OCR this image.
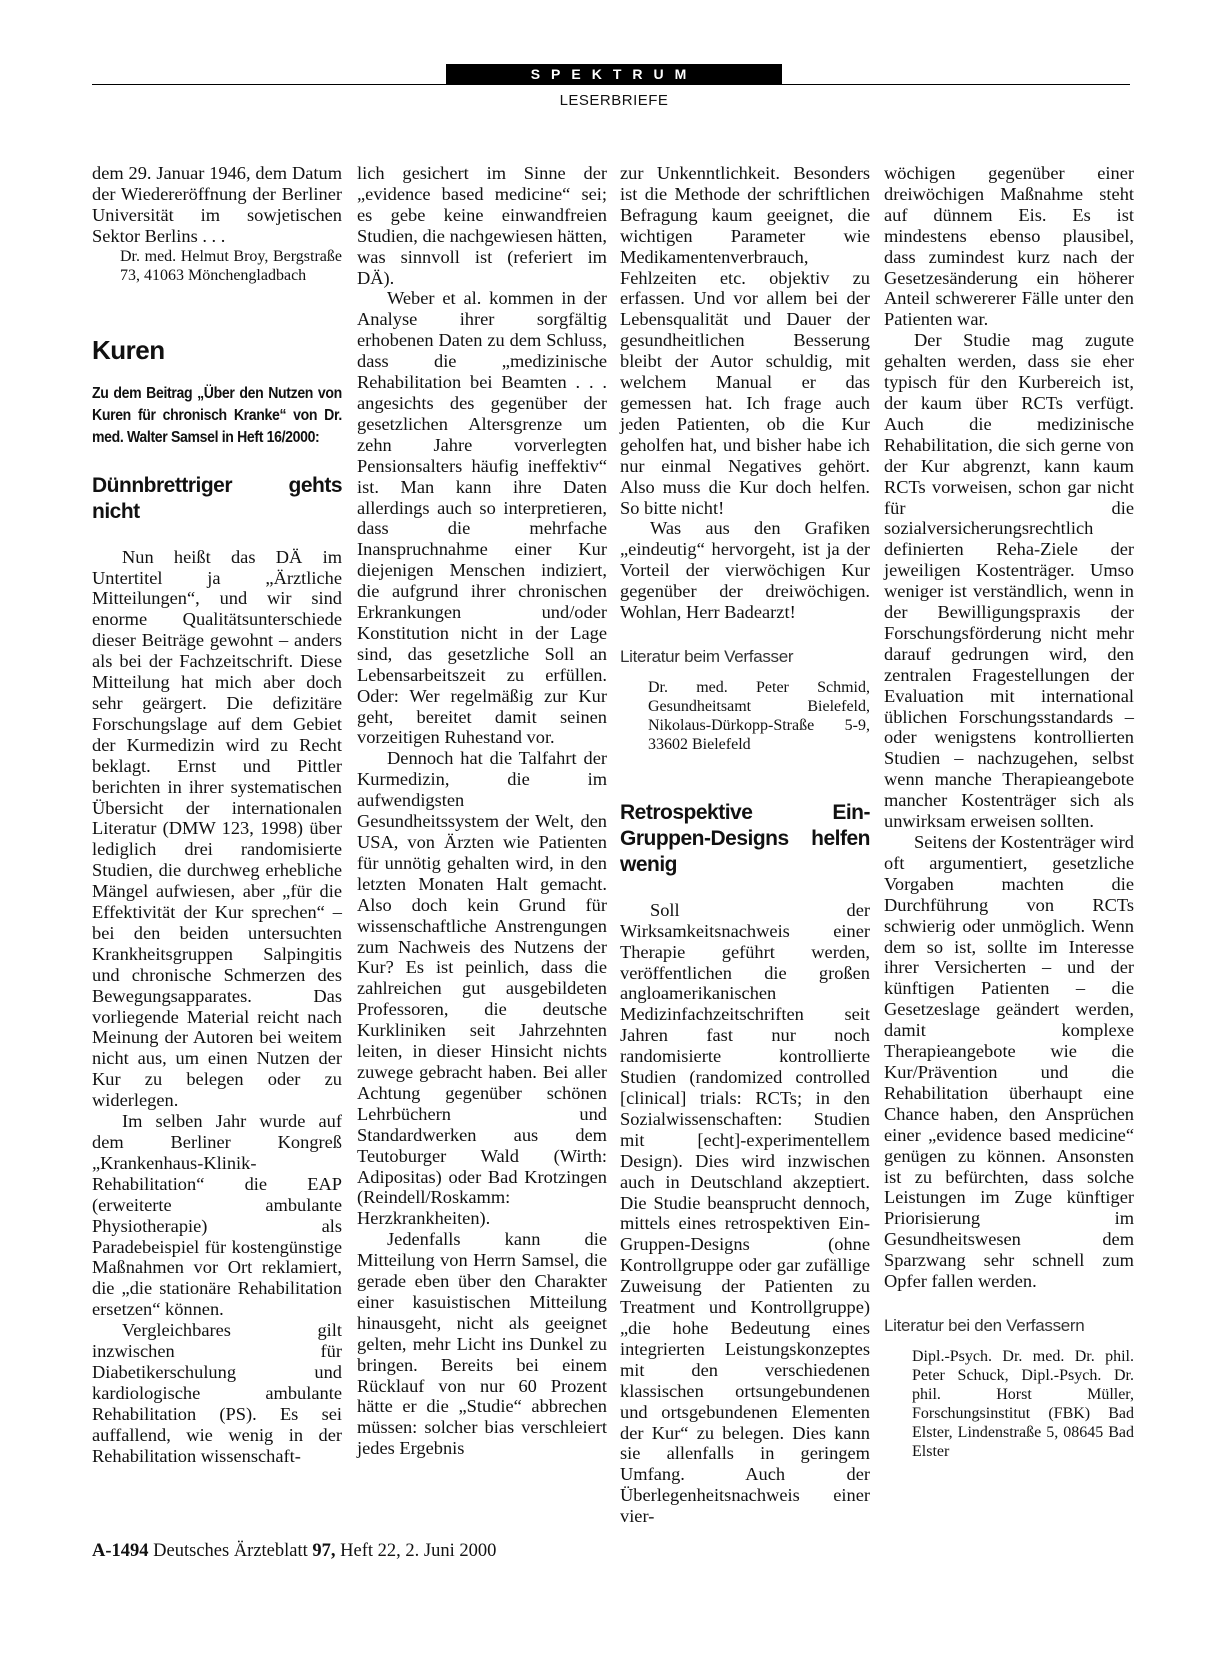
SPEKTRUM
LESERBRIEFE

dem 29. Januar 1946, dem Datum der Wiedereröffnung der Berliner Universität im sowjetischen Sektor Berlins . . .

Dr. med. Helmut Broy, Bergstraße 73, 41063 Mönchengladbach

Kuren
Zu dem Beitrag „Über den Nutzen von Kuren für chronisch Kranke“ von Dr. med. Walter Samsel in Heft 16/2000:
Dünnbrettriger gehts nicht

Nun heißt das DÄ im Untertitel ja „Ärztliche Mitteilungen“, und wir sind enorme Qualitätsunterschiede dieser Beiträge gewohnt – anders als bei der Fachzeitschrift. Diese Mitteilung hat mich aber doch sehr geärgert. Die defizitäre Forschungslage auf dem Gebiet der Kurmedizin wird zu Recht beklagt. Ernst und Pittler berichten in ihrer systematischen Übersicht der internationalen Literatur (DMW 123, 1998) über lediglich drei randomisierte Studien, die durchweg erhebliche Mängel aufwiesen, aber „für die Effektivität der Kur sprechen“ – bei den beiden untersuchten Krankheitsgruppen Salpingitis und chronische Schmerzen des Bewegungsapparates. Das vorliegende Material reicht nach Meinung der Autoren bei weitem nicht aus, um einen Nutzen der Kur zu belegen oder zu widerlegen.

Im selben Jahr wurde auf dem Berliner Kongreß „Krankenhaus-Klinik-Rehabilitation“ die EAP (erweiterte ambulante Physiotherapie) als Paradebeispiel für kostengünstige Maßnahmen vor Ort reklamiert, die „die stationäre Rehabilitation ersetzen“ können.

Vergleichbares gilt inzwischen für Diabetikerschulung und kardiologische ambulante Rehabilitation (PS). Es sei auffallend, wie wenig in der Rehabilitation wissenschaft-

lich gesichert im Sinne der „evidence based medicine“ sei; es gebe keine einwandfreien Studien, die nachgewiesen hätten, was sinnvoll ist (referiert im DÄ).

Weber et al. kommen in der Analyse ihrer sorgfältig erhobenen Daten zu dem Schluss, dass die „medizinische Rehabilitation bei Beamten . . . angesichts des gegenüber der gesetzlichen Altersgrenze um zehn Jahre vorverlegten Pensionsalters häufig ineffektiv“ ist. Man kann ihre Daten allerdings auch so interpretieren, dass die mehrfache Inanspruchnahme einer Kur diejenigen Menschen indiziert, die aufgrund ihrer chronischen Erkrankungen und/oder Konstitution nicht in der Lage sind, das gesetzliche Soll an Lebensarbeitszeit zu erfüllen. Oder: Wer regelmäßig zur Kur geht, bereitet damit seinen vorzeitigen Ruhestand vor.

Dennoch hat die Talfahrt der Kurmedizin, die im aufwendigsten Gesundheitssystem der Welt, den USA, von Ärzten wie Patienten für unnötig gehalten wird, in den letzten Monaten Halt gemacht. Also doch kein Grund für wissenschaftliche Anstrengungen zum Nachweis des Nutzens der Kur? Es ist peinlich, dass die zahlreichen gut ausgebildeten Professoren, die deutsche Kurkliniken seit Jahrzehnten leiten, in dieser Hinsicht nichts zuwege gebracht haben. Bei aller Achtung gegenüber schönen Lehrbüchern und Standardwerken aus dem Teutoburger Wald (Wirth: Adipositas) oder Bad Krotzingen (Reindell/Roskamm: Herzkrankheiten).

Jedenfalls kann die Mitteilung von Herrn Samsel, die gerade eben über den Charakter einer kasuistischen Mitteilung hinausgeht, nicht als geeignet gelten, mehr Licht ins Dunkel zu bringen. Bereits bei einem Rücklauf von nur 60 Prozent hätte er die „Studie“ abbrechen müssen: solcher bias verschleiert jedes Ergebnis

zur Unkenntlichkeit. Besonders ist die Methode der schriftlichen Befragung kaum geeignet, die wichtigen Parameter wie Medikamentenverbrauch, Fehlzeiten etc. objektiv zu erfassen. Und vor allem bei der Lebensqualität und Dauer der gesundheitlichen Besserung bleibt der Autor schuldig, mit welchem Manual er das gemessen hat. Ich frage auch jeden Patienten, ob die Kur geholfen hat, und bisher habe ich nur einmal Negatives gehört. Also muss die Kur doch helfen. So bitte nicht!

Was aus den Grafiken „eindeutig“ hervorgeht, ist ja der Vorteil der vierwöchigen Kur gegenüber der dreiwöchigen. Wohlan, Herr Badearzt!

Literatur beim Verfasser

Dr. med. Peter Schmid, Gesundheitsamt Bielefeld, Nikolaus-Dürkopp-Straße 5-9, 33602 Bielefeld

Retrospektive Ein-Gruppen-Designs helfen wenig

Soll der Wirksamkeitsnachweis einer Therapie geführt werden, veröffentlichen die großen angloamerikanischen Medizinfachzeitschriften seit Jahren fast nur noch randomisierte kontrollierte Studien (randomized controlled [clinical] trials: RCTs; in den Sozialwissenschaften: Studien mit [echt]-experimentellem Design). Dies wird inzwischen auch in Deutschland akzeptiert. Die Studie beansprucht dennoch, mittels eines retrospektiven Ein-Gruppen-Designs (ohne Kontrollgruppe oder gar zufällige Zuweisung der Patienten zu Treatment und Kontrollgruppe) „die hohe Bedeutung eines integrierten Leistungskonzeptes mit den verschiedenen klassischen ortsungebundenen und ortsgebundenen Elementen der Kur“ zu belegen. Dies kann sie allenfalls in geringem Umfang. Auch der Überlegenheitsnachweis einer vier-

wöchigen gegenüber einer dreiwöchigen Maßnahme steht auf dünnem Eis. Es ist mindestens ebenso plausibel, dass zumindest kurz nach der Gesetzesänderung ein höherer Anteil schwererer Fälle unter den Patienten war.

Der Studie mag zugute gehalten werden, dass sie eher typisch für den Kurbereich ist, der kaum über RCTs verfügt. Auch die medizinische Rehabilitation, die sich gerne von der Kur abgrenzt, kann kaum RCTs vorweisen, schon gar nicht für die sozialversicherungsrechtlich definierten Reha-Ziele der jeweiligen Kostenträger. Umso weniger ist verständlich, wenn in der Bewilligungspraxis der Forschungsförderung nicht mehr darauf gedrungen wird, den zentralen Fragestellungen der Evaluation mit international üblichen Forschungsstandards – oder wenigstens kontrollierten Studien – nachzugehen, selbst wenn manche Therapieangebote mancher Kostenträger sich als unwirksam erweisen sollten.

Seitens der Kostenträger wird oft argumentiert, gesetzliche Vorgaben machten die Durchführung von RCTs schwierig oder unmöglich. Wenn dem so ist, sollte im Interesse ihrer Versicherten – und der künftigen Patienten – die Gesetzeslage geändert werden, damit komplexe Therapieangebote wie die Kur/Prävention und die Rehabilitation überhaupt eine Chance haben, den Ansprüchen einer „evidence based medicine“ genügen zu können. Ansonsten ist zu befürchten, dass solche Leistungen im Zuge künftiger Priorisierung im Gesundheitswesen dem Sparzwang sehr schnell zum Opfer fallen werden.

Literatur bei den Verfassern

Dipl.-Psych. Dr. med. Dr. phil. Peter Schuck, Dipl.-Psych. Dr. phil. Horst Müller, Forschungsinstitut (FBK) Bad Elster, Lindenstraße 5, 08645 Bad Elster

A-1494 Deutsches Ärzteblatt 97, Heft 22, 2. Juni 2000
